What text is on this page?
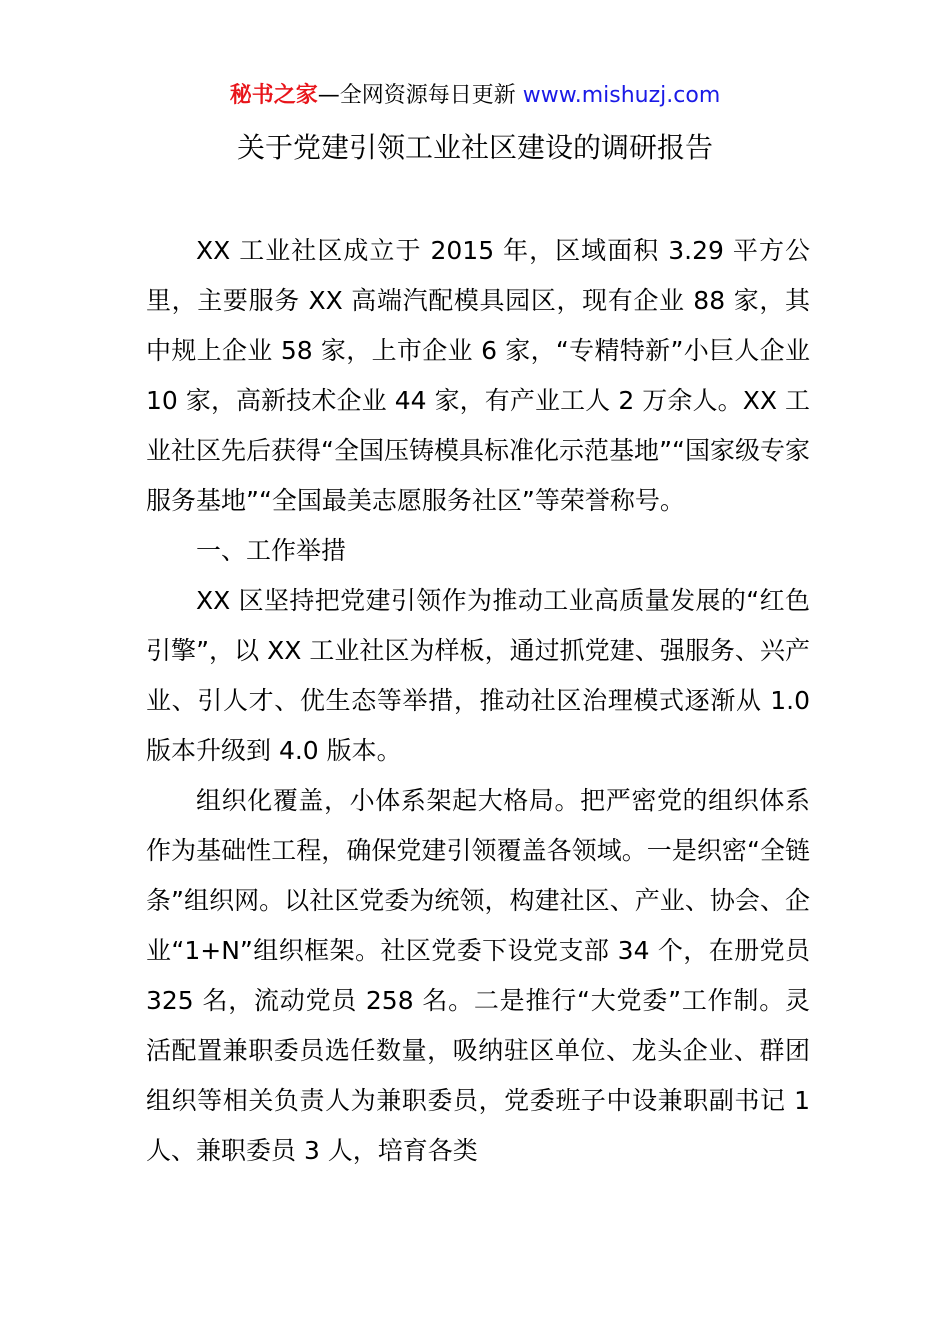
秘书之家—全网资源每日更新 www.mishuzj.com
关于党建引领工业社区建设的调研报告

XX 工业社区成立于 2015 年，区域面积 3.29 平方公里，主要服务 XX 高端汽配模具园区，现有企业 88 家，其中规上企业 58 家，上市企业 6 家，“专精特新”小巨人企业 10 家，高新技术企业 44 家，有产业工人 2 万余人。XX 工业社区先后获得“全国压铸模具标准化示范基地”“国家级专家服务基地”“全国最美志愿服务社区”等荣誉称号。

一、工作举措

XX 区坚持把党建引领作为推动工业高质量发展的“红色引擎”，以 XX 工业社区为样板，通过抓党建、强服务、兴产业、引人才、优生态等举措，推动社区治理模式逐渐从 1.0 版本升级到 4.0 版本。

组织化覆盖，小体系架起大格局。把严密党的组织体系作为基础性工程，确保党建引领覆盖各领域。一是织密“全链条”组织网。以社区党委为统领，构建社区、产业、协会、企业“1+N”组织框架。社区党委下设党支部 34 个，在册党员 325 名，流动党员 258 名。二是推行“大党委”工作制。灵活配置兼职委员选任数量，吸纳驻区单位、龙头企业、群团组织等相关负责人为兼职委员，党委班子中设兼职副书记 1 人、兼职委员 3 人，培育各类
